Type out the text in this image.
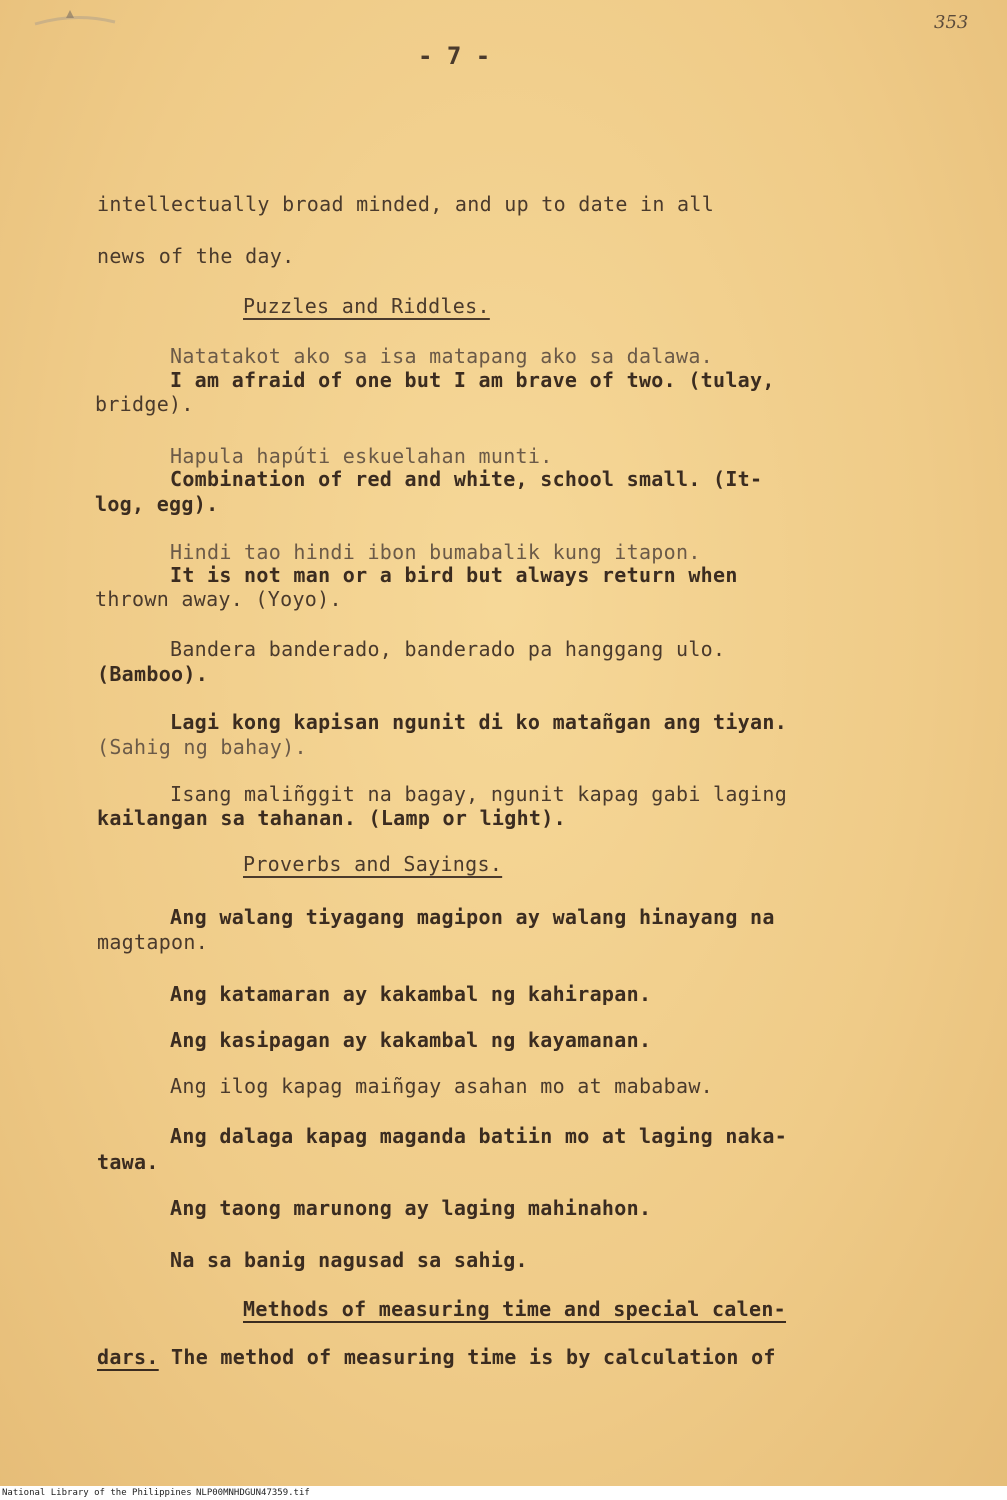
353
- 7 -
intellectually broad minded, and up to date in all
news of the day.
Puzzles and Riddles.
Natatakot ako sa isa matapang ako sa dalawa.
I am afraid of one but I am brave of two. (tulay,
bridge).
Hapula hapúti eskuelahan munti.
Combination of red and white, school small. (It-
log, egg).
Hindi tao hindi ibon bumabalik kung itapon.
It is not man or a bird but always return when
thrown away. (Yoyo).
Bandera banderado, banderado pa hanggang ulo.
(Bamboo).
Lagi kong kapisan ngunit di ko matañgan ang tiyan.
(Sahig ng bahay).
Isang maliñggit na bagay, ngunit kapag gabi laging
kailangan sa tahanan. (Lamp or light).
Proverbs and Sayings.
Ang walang tiyagang magipon ay walang hinayang na
magtapon.
Ang katamaran ay kakambal ng kahirapan.
Ang kasipagan ay kakambal ng kayamanan.
Ang ilog kapag maiñgay asahan mo at mababaw.
Ang dalaga kapag maganda batiin mo at laging naka-
tawa.
Ang taong marunong ay laging mahinahon.
Na sa banig nagusad sa sahig.
Methods of measuring time and special calen-
dars. The method of measuring time is by calculation of
National Library of the Philippines NLP00MNHDGUN47359.tif
